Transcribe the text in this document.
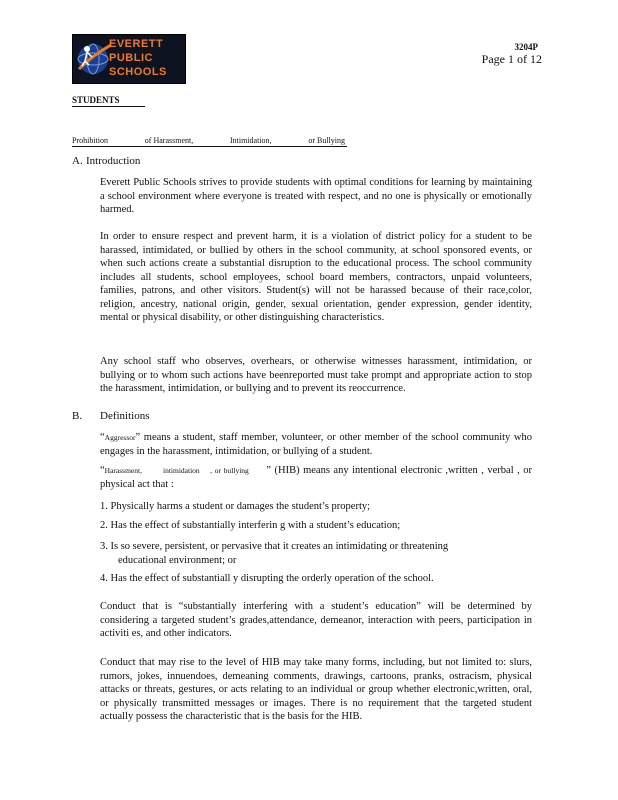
EVERETT
PUBLIC
SCHOOLS
3204P
Page 1 of 12
STUDENTS
Prohibition	of Harassment,	Intimidation,	or Bullying
A. Introduction
Everett Public Schools strives to provide students with optimal conditions for learning by maintaining a school environment where everyone is treated with respect, and no one is physically or emotionally harmed.
In order to ensure respect and prevent harm, it is a violation of district policy for a student to be harassed, intimidated, or bullied by others in the school community, at school sponsored events, or when such actions create a substantial disruption to the educational process. The school community includes all students, school employees, school board members, contractors, unpaid volunteers, families, patrons, and other visitors. Student(s) will not be harassed because of their race,color, religion, ancestry, national origin, gender, sexual orientation, gender expression, gender identity, mental or physical disability, or other distinguishing characteristics.
Any school staff who observes, overhears, or otherwise witnesses harassment, intimidation, or bullying or to whom such actions have beenreported must take prompt and appropriate action to stop the harassment, intimidation, or bullying and to prevent its reoccurrence.
B. Definitions
“Aggressor” means a student, staff member, volunteer, or other member of the school community who engages in the harassment, intimidation, or bullying of a student.
“Harassment,	intimidation , or bullying ” (HIB) means any intentional electronic ,written , verbal , or physical act that :
1. Physically harms a student or damages the student’s property;
2. Has the effect of substantially interferin g with a student’s education;
3. Is so severe, persistent, or pervasive that it creates an intimidating or threatening
educational environment; or
4. Has the effect of substantiall y disrupting the orderly operation of the school.
Conduct that is “substantially interfering with a student’s education” will be determined by considering a targeted student’s grades,attendance, demeanor, interaction with peers, participation in activiti es, and other indicators.
Conduct that may rise to the level of HIB may take many forms, including, but not limited to: slurs, rumors, jokes, innuendoes, demeaning comments, drawings, cartoons, pranks, ostracism, physical attacks or threats, gestures, or acts relating to an individual or group whether electronic,written, oral, or physically transmitted messages or images. There is no requirement that the targeted student actually possess the characteristic that is the basis for the HIB.
